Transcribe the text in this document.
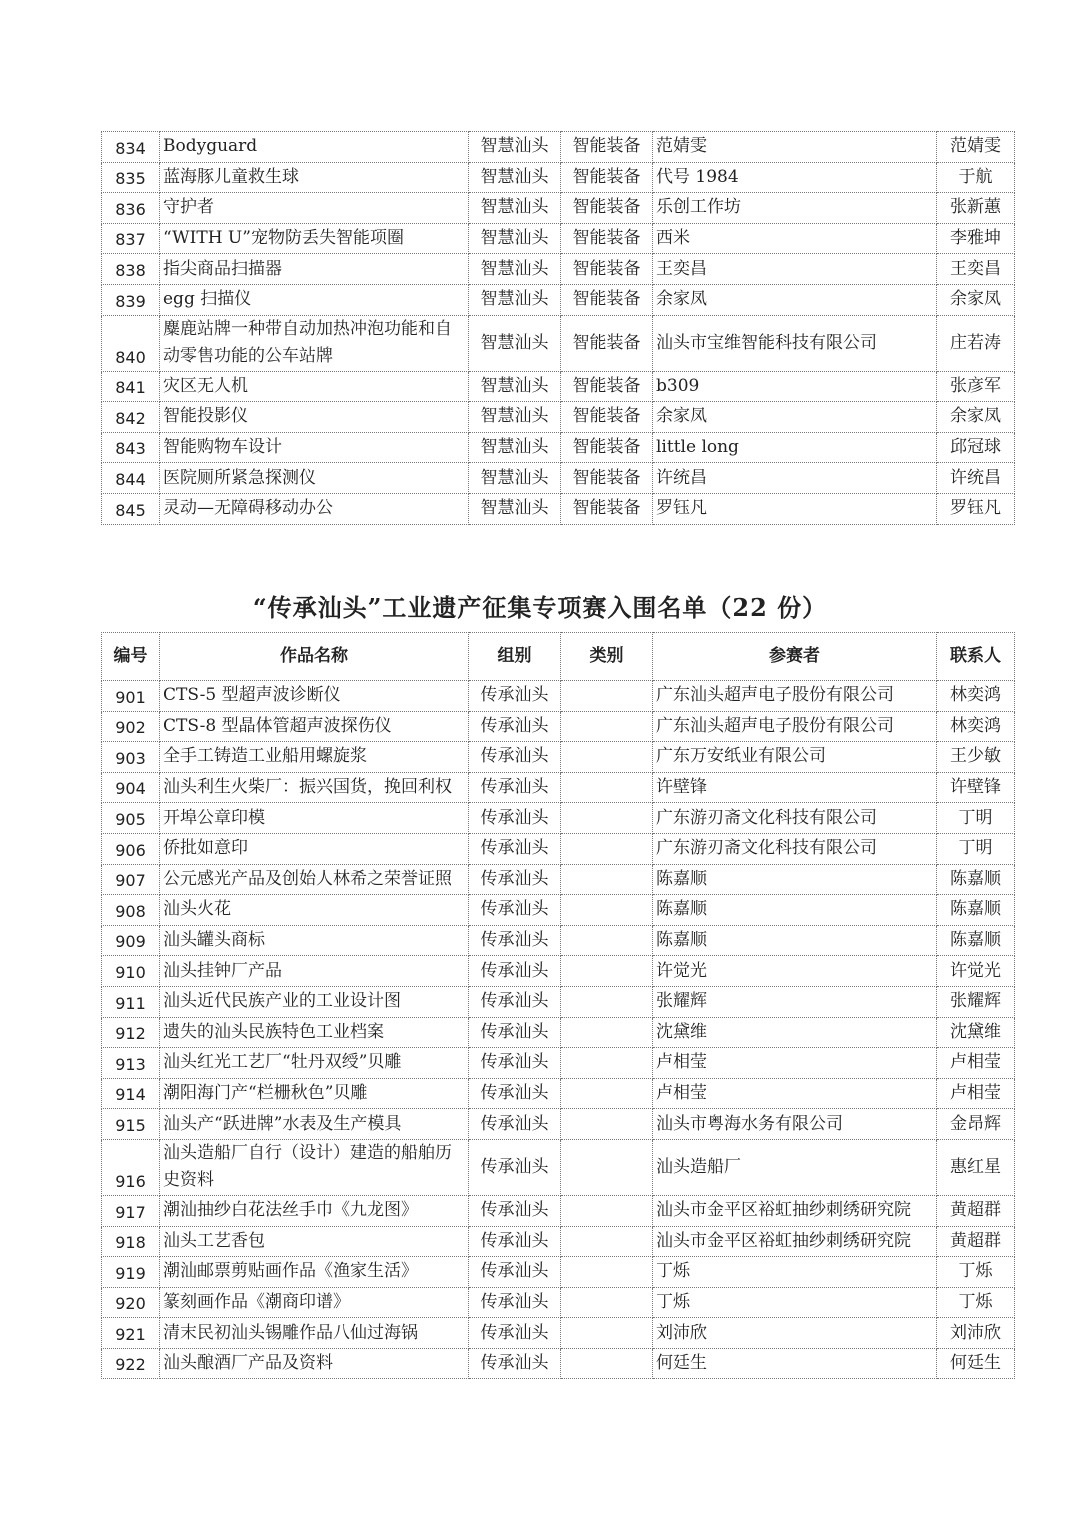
834	Bodyguard	智慧汕头	智能装备	范婧雯	范婧雯
835	蓝海豚儿童救生球	智慧汕头	智能装备	代号 1984	于航
836	守护者	智慧汕头	智能装备	乐创工作坊	张新蕙
837	“WITH U”宠物防丢失智能项圈	智慧汕头	智能装备	西米	李雅坤
838	指尖商品扫描器	智慧汕头	智能装备	王奕昌	王奕昌
839	egg 扫描仪	智慧汕头	智能装备	余家凤	余家凤
840	麋鹿站牌一种带自动加热冲泡功能和自动零售功能的公车站牌	智慧汕头	智能装备	汕头市宝维智能科技有限公司	庄若涛
841	灾区无人机	智慧汕头	智能装备	b309	张彦军
842	智能投影仪	智慧汕头	智能装备	余家凤	余家凤
843	智能购物车设计	智慧汕头	智能装备	little long	邱冠球
844	医院厕所紧急探测仪	智慧汕头	智能装备	许统昌	许统昌
845	灵动—无障碍移动办公	智慧汕头	智能装备	罗钰凡	罗钰凡
“传承汕头”工业遗产征集专项赛入围名单（22 份）
编号	作品名称	组别	类别	参赛者	联系人
901	CTS-5 型超声波诊断仪	传承汕头		广东汕头超声电子股份有限公司	林奕鸿
902	CTS-8 型晶体管超声波探伤仪	传承汕头		广东汕头超声电子股份有限公司	林奕鸿
903	全手工铸造工业船用螺旋浆	传承汕头		广东万安纸业有限公司	王少敏
904	汕头利生火柴厂：振兴国货，挽回利权	传承汕头		许壁锋	许壁锋
905	开埠公章印模	传承汕头		广东游刃斋文化科技有限公司	丁明
906	侨批如意印	传承汕头		广东游刃斋文化科技有限公司	丁明
907	公元感光产品及创始人林希之荣誉证照	传承汕头		陈嘉顺	陈嘉顺
908	汕头火花	传承汕头		陈嘉顺	陈嘉顺
909	汕头罐头商标	传承汕头		陈嘉顺	陈嘉顺
910	汕头挂钟厂产品	传承汕头		许觉光	许觉光
911	汕头近代民族产业的工业设计图	传承汕头		张耀辉	张耀辉
912	遗失的汕头民族特色工业档案	传承汕头		沈黛维	沈黛维
913	汕头红光工艺厂“牡丹双绶”贝雕	传承汕头		卢相莹	卢相莹
914	潮阳海门产“栏栅秋色”贝雕	传承汕头		卢相莹	卢相莹
915	汕头产“跃进牌”水表及生产模具	传承汕头		汕头市粤海水务有限公司	金昂辉
916	汕头造船厂自行（设计）建造的船舶历史资料	传承汕头		汕头造船厂	惠红星
917	潮汕抽纱白花法丝手巾《九龙图》	传承汕头		汕头市金平区裕虹抽纱刺绣研究院	黄超群
918	汕头工艺香包	传承汕头		汕头市金平区裕虹抽纱刺绣研究院	黄超群
919	潮汕邮票剪贴画作品《渔家生活》	传承汕头		丁烁	丁烁
920	篆刻画作品《潮商印谱》	传承汕头		丁烁	丁烁
921	清末民初汕头锡雕作品八仙过海锅	传承汕头		刘沛欣	刘沛欣
922	汕头酿酒厂产品及资料	传承汕头		何廷生	何廷生
